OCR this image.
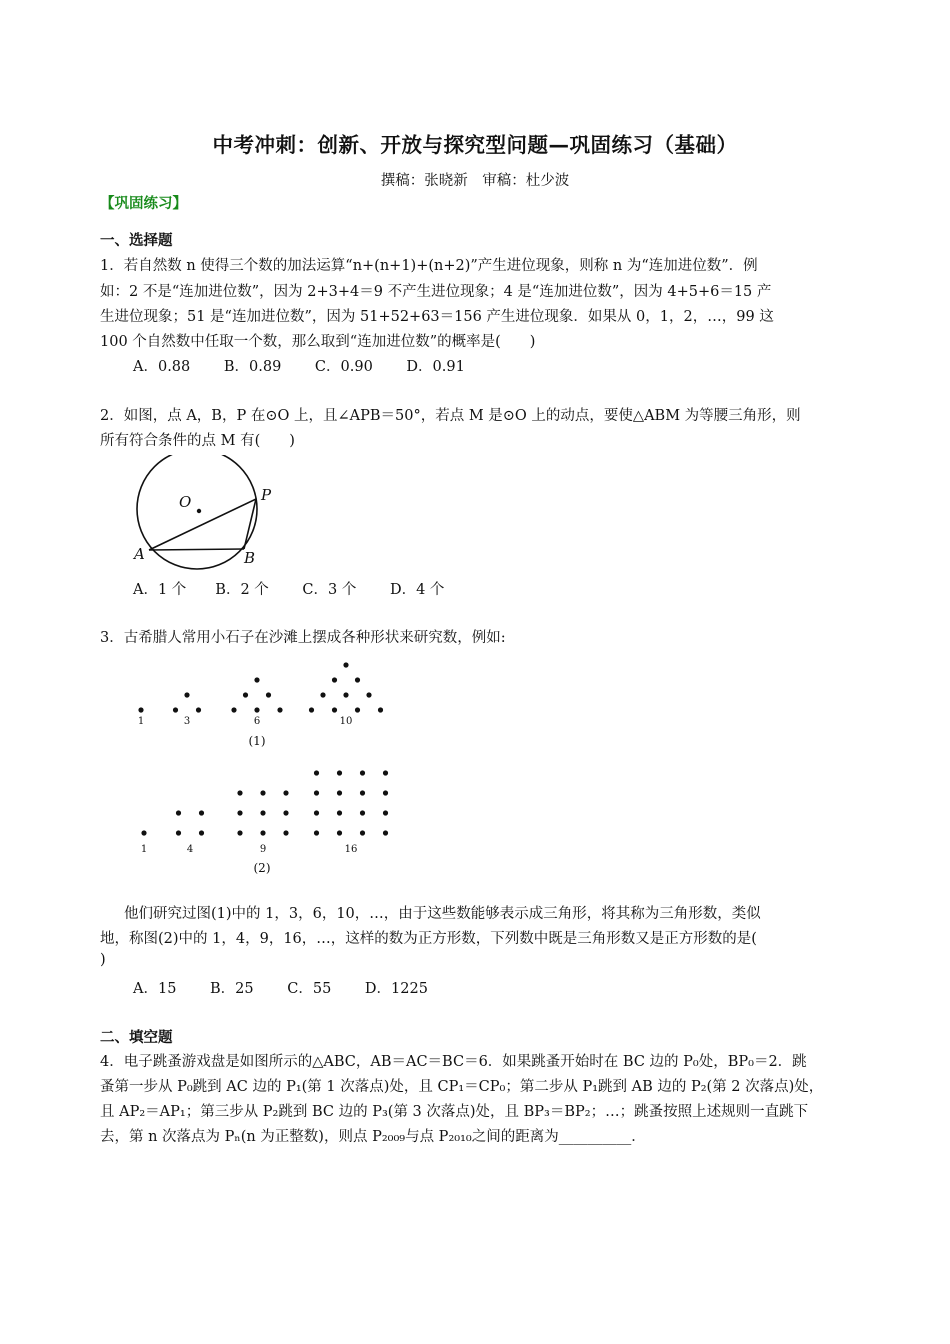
中考冲刺：创新、开放与探究型问题—巩固练习（基础）
撰稿：张晓新　审稿：杜少波
【巩固练习】
一、选择题
1．若自然数 n 使得三个数的加法运算“n+(n+1)+(n+2)”产生进位现象，则称 n 为“连加进位数”．例
如：2 不是“连加进位数”，因为 2+3+4＝9 不产生进位现象；4 是“连加进位数”，因为 4+5+6＝15 产
生进位现象；51 是“连加进位数”，因为 51+52+63＝156 产生进位现象．如果从 0，1，2，…，99 这
100 个自然数中任取一个数，那么取到“连加进位数”的概率是(　　)
A．0.88　　 B．0.89　　 C．0.90　　 D．0.91
2．如图，点 A，B，P 在⊙O 上，且∠APB＝50°，若点 M 是⊙O 上的动点，要使△ABM 为等腰三角形，则
所有符合条件的点 M 有(　　)
O	P
A	B
A．1 个　　B．2 个　　 C．3 个　　 D．4 个
3．古希腊人常用小石子在沙滩上摆成各种形状来研究数，例如:
1	3	6	10
(1)
1	4	9	16
(2)
他们研究过图(1)中的 1，3，6，10，…，由于这些数能够表示成三角形，将其称为三角形数，类似
地，称图(2)中的 1，4，9，16，…，这样的数为正方形数，下列数中既是三角形数又是正方形数的是(
)
A．15　　 B．25　　 C．55　　 D．1225
二、填空题
4．电子跳蚤游戏盘是如图所示的△ABC，AB＝AC＝BC＝6．如果跳蚤开始时在 BC 边的 P₀处，BP₀＝2．跳
蚤第一步从 P₀跳到 AC 边的 P₁(第 1 次落点)处，且 CP₁＝CP₀；第二步从 P₁跳到 AB 边的 P₂(第 2 次落点)处，
且 AP₂＝AP₁；第三步从 P₂跳到 BC 边的 P₃(第 3 次落点)处，且 BP₃＝BP₂；…；跳蚤按照上述规则一直跳下
去，第 n 次落点为 Pₙ(n 为正整数)，则点 P₂₀₀₉与点 P₂₀₁₀之间的距离为__________．
